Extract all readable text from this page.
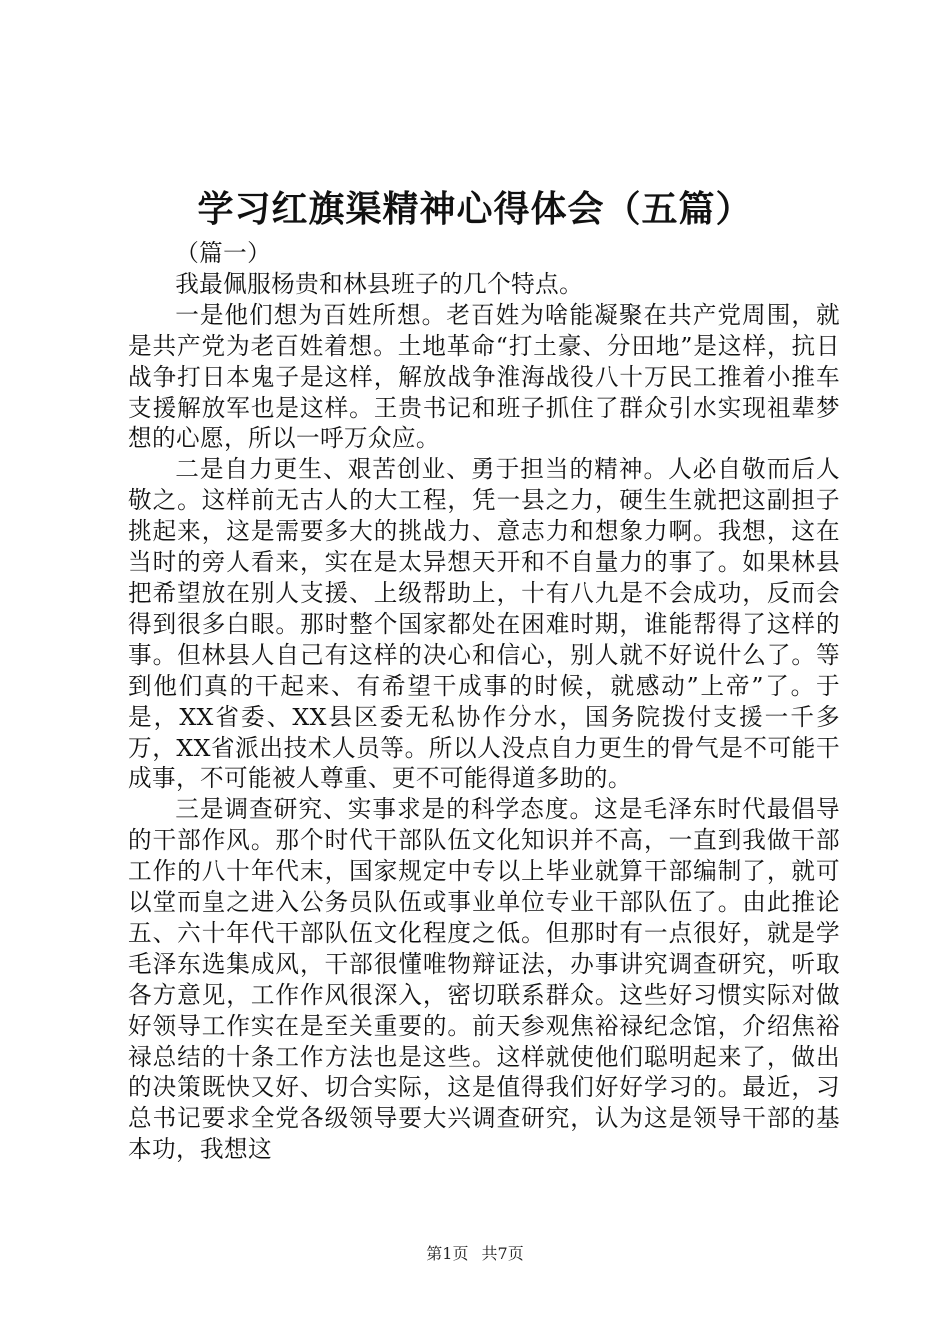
学习红旗渠精神心得体会（五篇）

（篇一）

我最佩服杨贵和林县班子的几个特点。

一是他们想为百姓所想。老百姓为啥能凝聚在共产党周围，就是共产党为老百姓着想。土地革命“打土豪、分田地”是这样，抗日战争打日本鬼子是这样，解放战争淮海战役八十万民工推着小推车支援解放军也是这样。王贵书记和班子抓住了群众引水实现祖辈梦想的心愿，所以一呼万众应。

二是自力更生、艰苦创业、勇于担当的精神。人必自敬而后人敬之。这样前无古人的大工程，凭一县之力，硬生生就把这副担子挑起来，这是需要多大的挑战力、意志力和想象力啊。我想，这在当时的旁人看来，实在是太异想天开和不自量力的事了。如果林县把希望放在别人支援、上级帮助上，十有八九是不会成功，反而会得到很多白眼。那时整个国家都处在困难时期，谁能帮得了这样的事。但林县人自己有这样的决心和信心，别人就不好说什么了。等到他们真的干起来、有希望干成事的时候，就感动”上帝”了。于是，XX省委、XX县区委无私协作分水，国务院拨付支援一千多万，XX省派出技术人员等。所以人没点自力更生的骨气是不可能干成事，不可能被人尊重、更不可能得道多助的。

三是调查研究、实事求是的科学态度。这是毛泽东时代最倡导的干部作风。那个时代干部队伍文化知识并不高，一直到我做干部工作的八十年代末，国家规定中专以上毕业就算干部编制了，就可以堂而皇之进入公务员队伍或事业单位专业干部队伍了。由此推论五、六十年代干部队伍文化程度之低。但那时有一点很好，就是学毛泽东选集成风，干部很懂唯物辩证法，办事讲究调查研究，听取各方意见，工作作风很深入，密切联系群众。这些好习惯实际对做好领导工作实在是至关重要的。前天参观焦裕禄纪念馆，介绍焦裕禄总结的十条工作方法也是这些。这样就使他们聪明起来了，做出的决策既快又好、切合实际，这是值得我们好好学习的。最近，习总书记要求全党各级领导要大兴调查研究，认为这是领导干部的基本功，我想这

第1页 共7页
